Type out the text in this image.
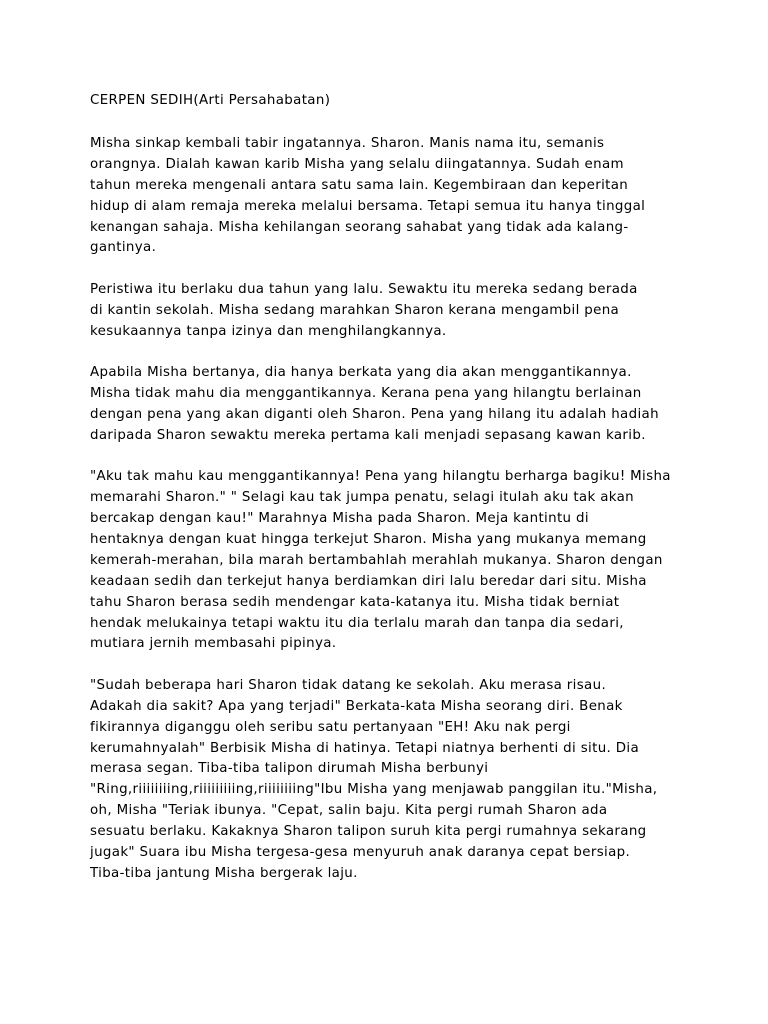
CERPEN SEDIH(Arti Persahabatan)
Misha sinkap kembali tabir ingatannya. Sharon. Manis nama itu, semanis
orangnya. Dialah kawan karib Misha yang selalu diingatannya. Sudah enam
tahun mereka mengenali antara satu sama lain. Kegembiraan dan keperitan
hidup di alam remaja mereka melalui bersama. Tetapi semua itu hanya tinggal
kenangan sahaja. Misha kehilangan seorang sahabat yang tidak ada kalang-
gantinya.
Peristiwa itu berlaku dua tahun yang lalu. Sewaktu itu mereka sedang berada
di kantin sekolah. Misha sedang marahkan Sharon kerana mengambil pena
kesukaannya tanpa izinya dan menghilangkannya.
Apabila Misha bertanya, dia hanya berkata yang dia akan menggantikannya.
Misha tidak mahu dia menggantikannya. Kerana pena yang hilangtu berlainan
dengan pena yang akan diganti oleh Sharon. Pena yang hilang itu adalah hadiah
daripada Sharon sewaktu mereka pertama kali menjadi sepasang kawan karib.
"Aku tak mahu kau menggantikannya! Pena yang hilangtu berharga bagiku! Misha
memarahi Sharon." " Selagi kau tak jumpa penatu, selagi itulah aku tak akan
bercakap dengan kau!" Marahnya Misha pada Sharon. Meja kantintu di
hentaknya dengan kuat hingga terkejut Sharon. Misha yang mukanya memang
kemerah-merahan, bila marah bertambahlah merahlah mukanya. Sharon dengan
keadaan sedih dan terkejut hanya berdiamkan diri lalu beredar dari situ. Misha
tahu Sharon berasa sedih mendengar kata-katanya itu. Misha tidak berniat
hendak melukainya tetapi waktu itu dia terlalu marah dan tanpa dia sedari,
mutiara jernih membasahi pipinya.
"Sudah beberapa hari Sharon tidak datang ke sekolah. Aku merasa risau.
Adakah dia sakit? Apa yang terjadi" Berkata-kata Misha seorang diri. Benak
fikirannya diganggu oleh seribu satu pertanyaan "EH! Aku nak pergi
kerumahnyalah" Berbisik Misha di hatinya. Tetapi niatnya berhenti di situ. Dia
merasa segan. Tiba-tiba talipon dirumah Misha berbunyi
"Ring,riiiiiiiing,riiiiiiiiing,riiiiiiiing"Ibu Misha yang menjawab panggilan itu."Misha,
oh, Misha "Teriak ibunya. "Cepat, salin baju. Kita pergi rumah Sharon ada
sesuatu berlaku. Kakaknya Sharon talipon suruh kita pergi rumahnya sekarang
jugak" Suara ibu Misha tergesa-gesa menyuruh anak daranya cepat bersiap.
Tiba-tiba jantung Misha bergerak laju.
